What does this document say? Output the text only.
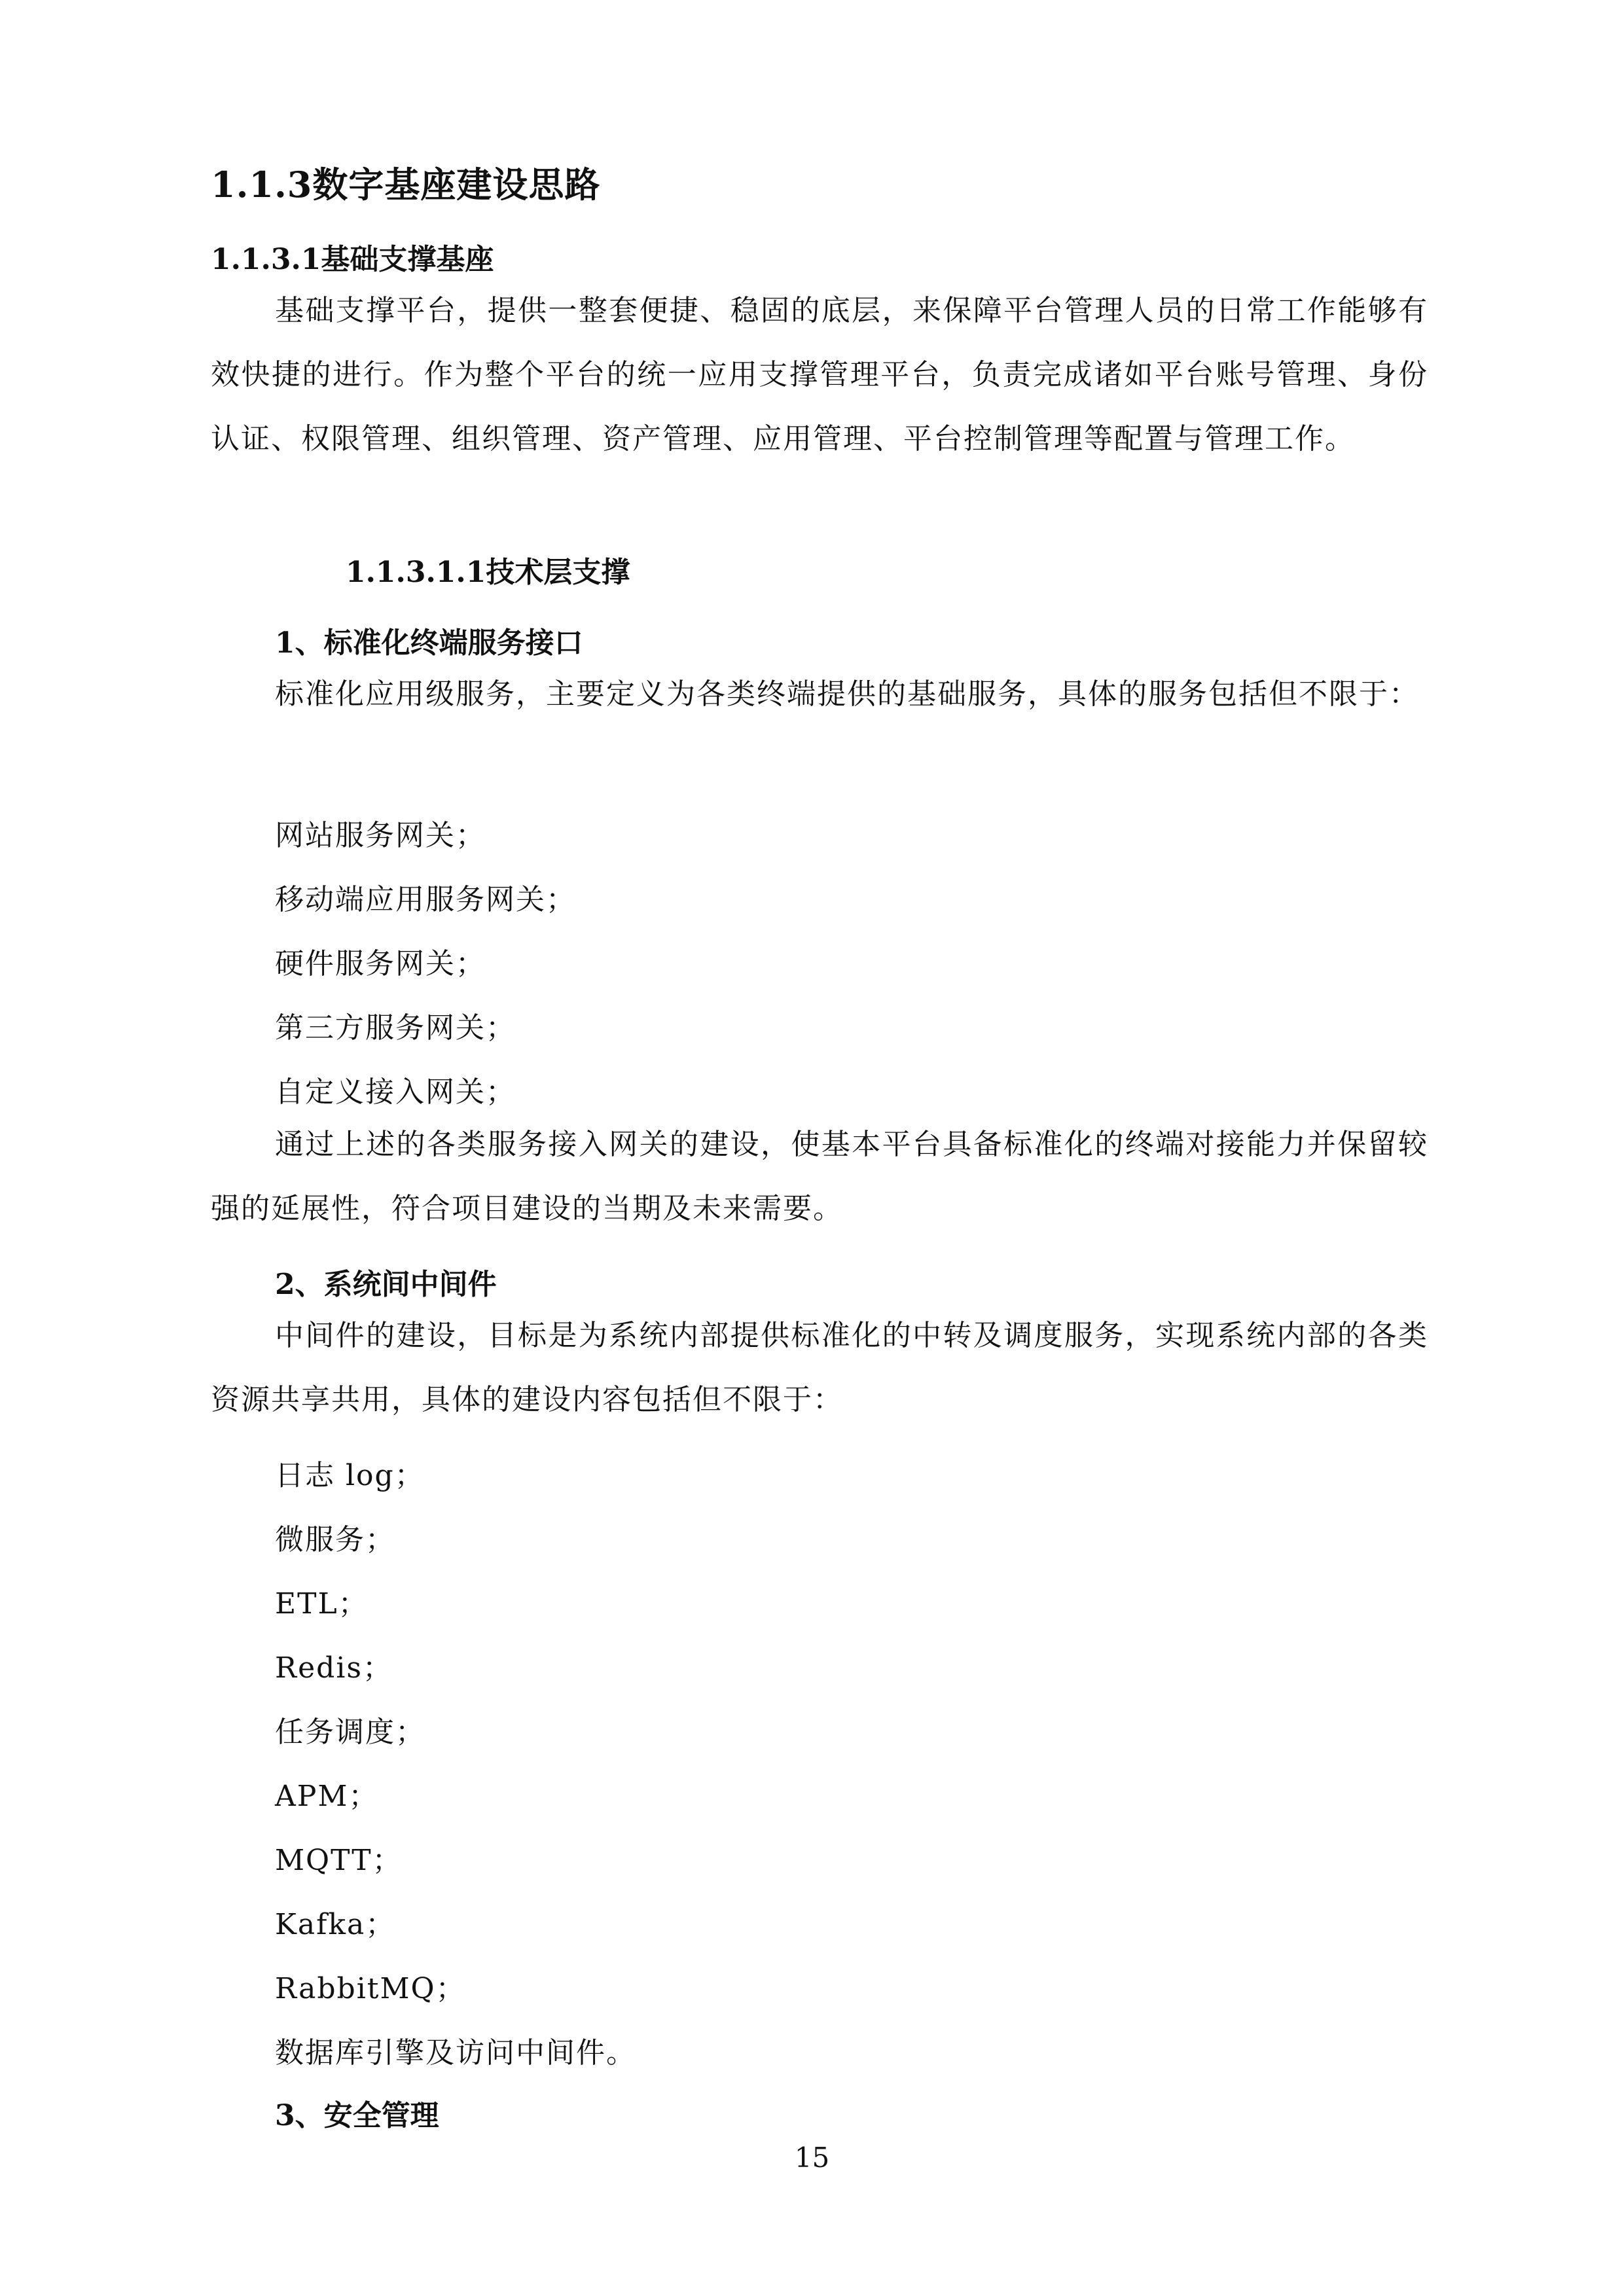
1.1.3数字基座建设思路
1.1.3.1基础支撑基座

基础支撑平台，提供一整套便捷、稳固的底层，来保障平台管理人员的日常工作能够有效快捷的进行。作为整个平台的统一应用支撑管理平台，负责完成诸如平台账号管理、身份认证、权限管理、组织管理、资产管理、应用管理、平台控制管理等配置与管理工作。

1.1.3.1.1技术层支撑
1、标准化终端服务接口

标准化应用级服务，主要定义为各类终端提供的基础服务，具体的服务包括但不限于：

网站服务网关；
移动端应用服务网关；
硬件服务网关；
第三方服务网关；
自定义接入网关；

通过上述的各类服务接入网关的建设，使基本平台具备标准化的终端对接能力并保留较强的延展性，符合项目建设的当期及未来需要。

2、系统间中间件

中间件的建设，目标是为系统内部提供标准化的中转及调度服务，实现系统内部的各类资源共享共用，具体的建设内容包括但不限于：

日志 log；
微服务；
ETL；
Redis；
任务调度；
APM；
MQTT；
Kafka；
RabbitMQ；
数据库引擎及访问中间件。
3、安全管理
15
